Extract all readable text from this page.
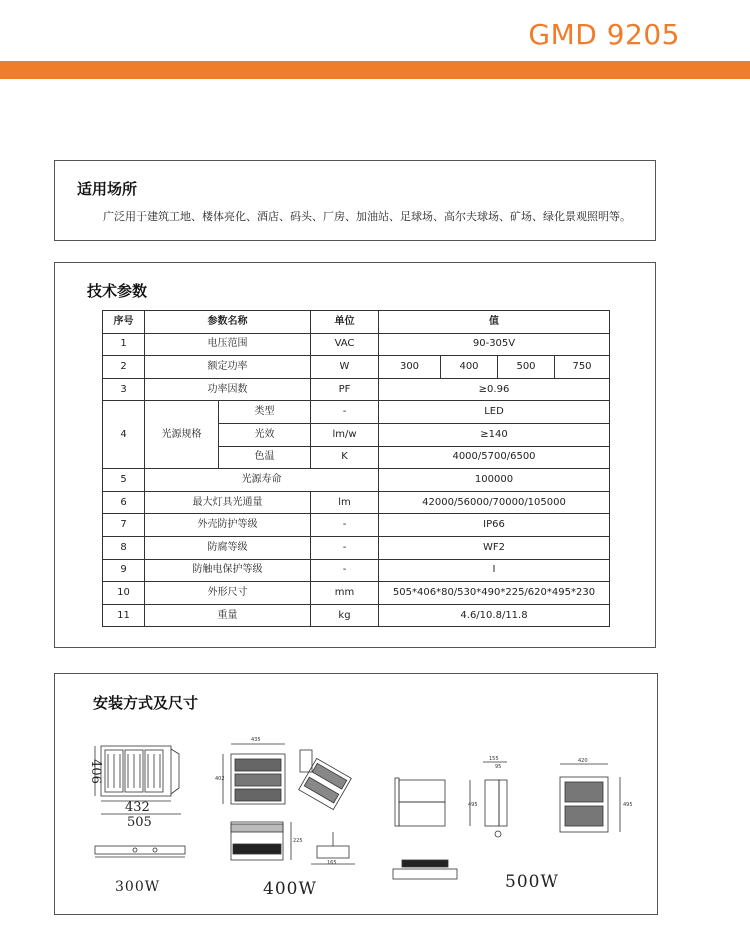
GMD 9205
适用场所
广泛用于建筑工地、楼体亮化、酒店、码头、厂房、加油站、足球场、高尔夫球场、矿场、绿化景观照明等。
技术参数
序号	参数名称		单位	值			
1	电压范围		VAC	90-305V			
2	额定功率		W	300	400	500	750
3	功率因数		PF	≥0.96			
4	光源规格	类型	-	LED			
		光效	lm/w	≥140			
		色温	K	4000/5700/6500			
5	光源寿命			100000			
6	最大灯具光通量		lm	42000/56000/70000/105000			
7	外壳防护等级		-	IP66			
8	防腐等级		-	WF2			
9	防触电保护等级		-	I			
10	外形尺寸		mm	505*406*80/530*490*225/620*495*230			
11	重量		kg	4.6/10.8/11.8			
安装方式及尺寸
406
432
505
300W
435
402
225
165
400W
155
95
495
420
495
500W
